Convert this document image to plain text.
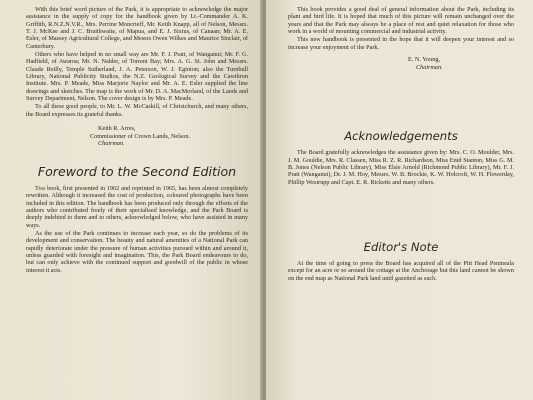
With this brief word picture of the Park, it is appropriate to acknowledge the major assistance in the supply of copy for the handbook given by Lt.-Commander A. K. Griffith, R.N.Z.N.V.R., Mrs. Perrine Moncrieff, Mr. Keith Knapp, all of Nelson, Messrs. T. J. McKee and J. C. Braithwaite, of Mapua, and E. J. Sixtus, of Canaan; Mr. A. E. Esler, of Massey Agricultural College, and Messrs Owen Wilkes and Maurice Sinclair, of Canterbury.

Others who have helped in no small way are Mr. F. J. Pratt, of Wanganui; Mr. F. G. Hadfield, of Awaroa; Mr. N. Nalder, of Torrent Bay; Mrs. A. G. St. John and Messrs. Claude Reilly, Temple Sutherland, J. A. Peterson, W. J. Eginton; also the Turnbull Library, National Publicity Studios, the N.Z. Geological Survey and the Cawthron Institute. Mrs. P. Meade, Miss Marjorie Naylor and Mr. A. E. Esler supplied the line drawings and sketches. The map is the work of Mr. D. A. MacMorland, of the Lands and Survey Department, Nelson. The cover design is by Mrs. P. Meade.

To all these good people, to Mr. L. W. McCaskill, of Christchurch, and many others, the Board expresses its grateful thanks.

Keith R. Arres,
Commissioner of Crown Lands, Nelson.
Chairman.
Foreword to the Second Edition

This book, first presented in 1962 and reprinted in 1965, has been almost completely rewritten. Although it increased the cost of production, coloured photographs have been included in this edition. The handbook has been produced only through the efforts of the authors who contributed freely of their specialised knowledge, and the Park Board is deeply indebted to them and to others, acknowledged below, who have assisted in many ways.

As the use of the Park continues to increase each year, so do the problems of its development and conservation. The beauty and natural amenities of a National Park can rapidly deteriorate under the pressure of human activities pursued within and around it, unless guarded with foresight and imagination. This, the Park Board endeavours to do, but can only achieve with the continued support and goodwill of the public in whose interest it acts.

This book provides a good deal of general information about the Park, including its plant and bird life. It is hoped that much of this picture will remain unchanged over the years and that the Park may always be a place of rest and quiet relaxation for those who work in a world of mounting commercial and industrial activity.

This new handbook is presented in the hope that it will deepen your interest and so increase your enjoyment of the Park.

E. N. Young,
Chairman.
Acknowledgements

The Board gratefully acknowledges the assistance given by: Mrs. C. O. Moulder, Mrs. J. M. Gouldie, Mrs. R. Classen, Miss R. Z. R. Richardson, Miss Enid Stanton, Miss G. M. B. Jones (Nelson Public Library), Miss Elsie Arnold (Richmond Public Library), Mr. F. J. Pratt (Wanganui), Dr. J. M. Hoy, Messrs. W. B. Brockie, K. W. Holcroft, W. H. Flowerday, Phillip Westrupp and Capt. E. R. Ricketts and many others.

Editor's Note

At the time of going to press the Board has acquired all of the Pitt Head Peninsula except for an acre or so around the cottage at the Anchorage but this land cannot be shown on the end map as National Park land until gazetted as such.
